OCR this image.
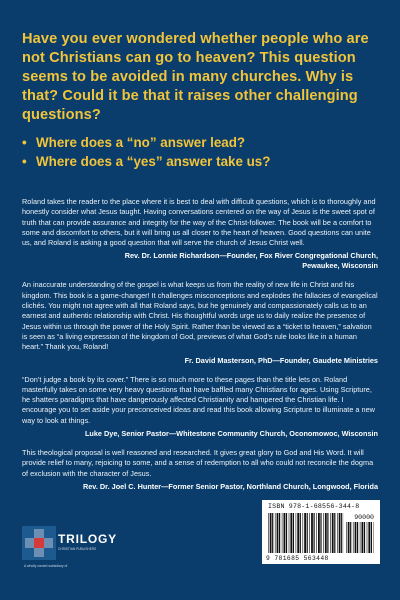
Have you ever wondered whether people who are not Christians can go to heaven? This question seems to be avoided in many churches. Why is that? Could it be that it raises other challenging questions?

• Where does a “no” answer lead?
• Where does a “yes” answer take us?

Roland takes the reader to the place where it is best to deal with difficult questions, which is to thoroughly and honestly consider what Jesus taught. Having conversations centered on the way of Jesus is the sweet spot of truth that can provide assurance and integrity for the way of the Christ-follower. The book will be a comfort to some and discomfort to others, but it will bring us all closer to the heart of heaven. Good questions can unite us, and Roland is asking a good question that will serve the church of Jesus Christ well.

Rev. Dr. Lonnie Richardson—Founder, Fox River Congregational Church,
Pewaukee, Wisconsin

An inaccurate understanding of the gospel is what keeps us from the reality of new life in Christ and his kingdom. This book is a game-changer! It challenges misconceptions and explodes the fallacies of evangelical clichés. You might not agree with all that Roland says, but he genuinely and compassionately calls us to an earnest and authentic relationship with Christ. His thoughtful words urge us to daily realize the presence of Jesus within us through the power of the Holy Spirit. Rather than be viewed as a “ticket to heaven,” salvation is seen as “a living expression of the kingdom of God, previews of what God’s rule looks like in a human heart.” Thank you, Roland!

Fr. David Masterson, PhD—Founder, Gaudete Ministries

“Don’t judge a book by its cover.” There is so much more to these pages than the title lets on. Roland masterfully takes on some very heavy questions that have baffled many Christians for ages. Using Scripture, he shatters paradigms that have dangerously affected Christianity and hampered the Christian life. I encourage you to set aside your preconceived ideas and read this book allowing Scripture to illuminate a new way to look at things.

Luke Dye, Senior Pastor—Whitestone Community Church, Oconomowoc, Wisconsin

This theological proposal is well reasoned and researched. It gives great glory to God and His Word. It will provide relief to many, rejoicing to some, and a sense of redemption to all who could not reconcile the dogma of exclusion with the character of Jesus.

Rev. Dr. Joel C. Hunter—Former Senior Pastor, Northland Church, Longwood, Florida

TRILOGY
CHRISTIAN PUBLISHERS
A wholly owned subsidiary of
ISBN 978-1-68556-344-8
90000
9 781685 563448
